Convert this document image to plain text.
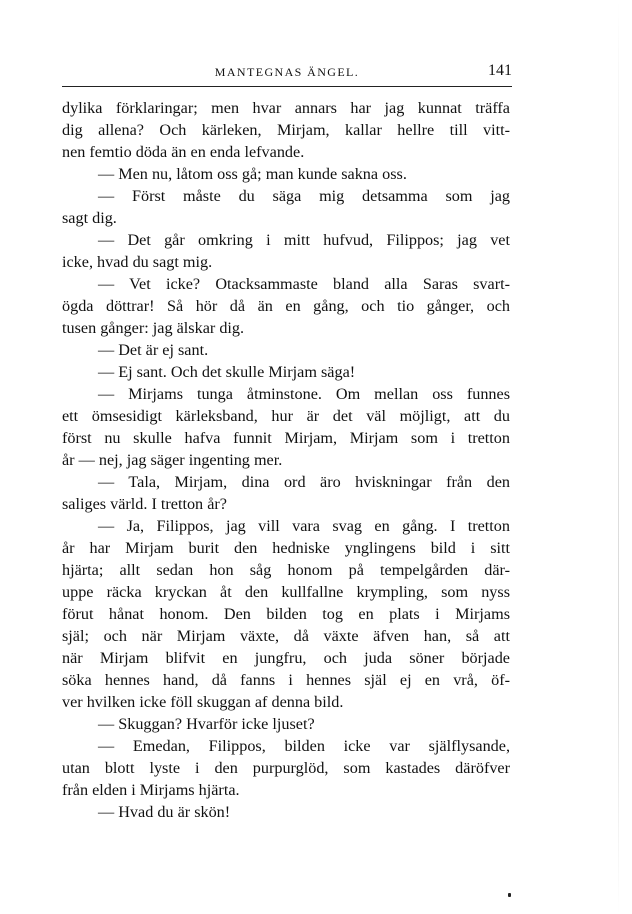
MANTEGNAS ÄNGEL.	141
dylika förklaringar; men hvar annars har jag kunnat träffa
dig allena? Och kärleken, Mirjam, kallar hellre till vitt-
nen femtio döda än en enda lefvande.
— Men nu, låtom oss gå; man kunde sakna oss.
— Först måste du säga mig detsamma som jag
sagt dig.
— Det går omkring i mitt hufvud, Filippos; jag vet
icke, hvad du sagt mig.
— Vet icke? Otacksammaste bland alla Saras svart-
ögda döttrar! Så hör då än en gång, och tio gånger, och
tusen gånger: jag älskar dig.
— Det är ej sant.
— Ej sant. Och det skulle Mirjam säga!
— Mirjams tunga åtminstone. Om mellan oss funnes
ett ömsesidigt kärleksband, hur är det väl möjligt, att du
först nu skulle hafva funnit Mirjam, Mirjam som i tretton
år — nej, jag säger ingenting mer.
— Tala, Mirjam, dina ord äro hviskningar från den
saliges värld. I tretton år?
— Ja, Filippos, jag vill vara svag en gång. I tretton
år har Mirjam burit den hedniske ynglingens bild i sitt
hjärta; allt sedan hon såg honom på tempelgården där-
uppe räcka kryckan åt den kullfallne krympling, som nyss
förut hånat honom. Den bilden tog en plats i Mirjams
själ; och när Mirjam växte, då växte äfven han, så att
när Mirjam blifvit en jungfru, och juda söner började
söka hennes hand, då fanns i hennes själ ej en vrå, öf-
ver hvilken icke föll skuggan af denna bild.
— Skuggan? Hvarför icke ljuset?
— Emedan, Filippos, bilden icke var själflysande,
utan blott lyste i den purpurglöd, som kastades däröfver
från elden i Mirjams hjärta.
— Hvad du är skön!
